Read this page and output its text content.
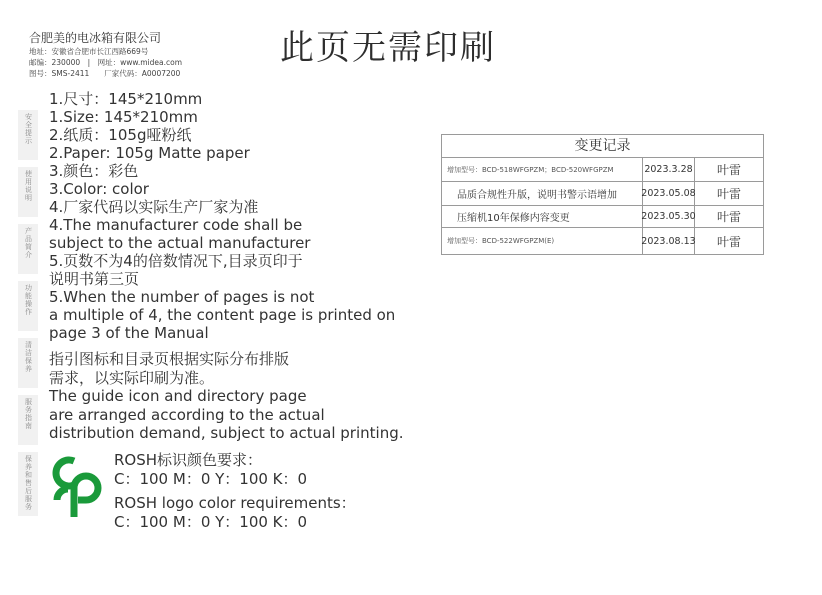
合肥美的电冰箱有限公司
地址：安徽省合肥市长江西路669号
邮编：230000　|　网址：www.midea.com
图号：SMS-2411　　厂家代码：A0007200
此页无需印刷
安全提示
使用说明
产品简介
功能操作
清洁保养
服务指南
保养和售后服务
1.尺寸：145*210mm
1.Size: 145*210mm
2.纸质：105g哑粉纸
2.Paper: 105g Matte paper
3.颜色：彩色
3.Color: color
4.厂家代码以实际生产厂家为准
4.The manufacturer code shall be
subject to the actual manufacturer
5.页数不为4的倍数情况下,目录页印于
说明书第三页
5.When the number of pages is not
a multiple of 4, the content page is printed on
page 3 of the Manual
指引图标和目录页根据实际分布排版
需求，以实际印刷为准。
The guide icon and directory page
are arranged according to the actual
distribution demand, subject to actual printing.
ROSH标识颜色要求：
C：100 M：0 Y：100 K：0
ROSH logo color requirements：
C：100 M：0 Y：100 K：0
变更记录
增加型号：BCD-518WFGPZM；BCD-520WFGPZM	2023.3.28	叶雷
品质合规性升版，说明书警示语增加	2023.05.08	叶雷
压缩机10年保修内容变更	2023.05.30	叶雷
增加型号：BCD-522WFGPZM(E)	2023.08.13	叶雷
